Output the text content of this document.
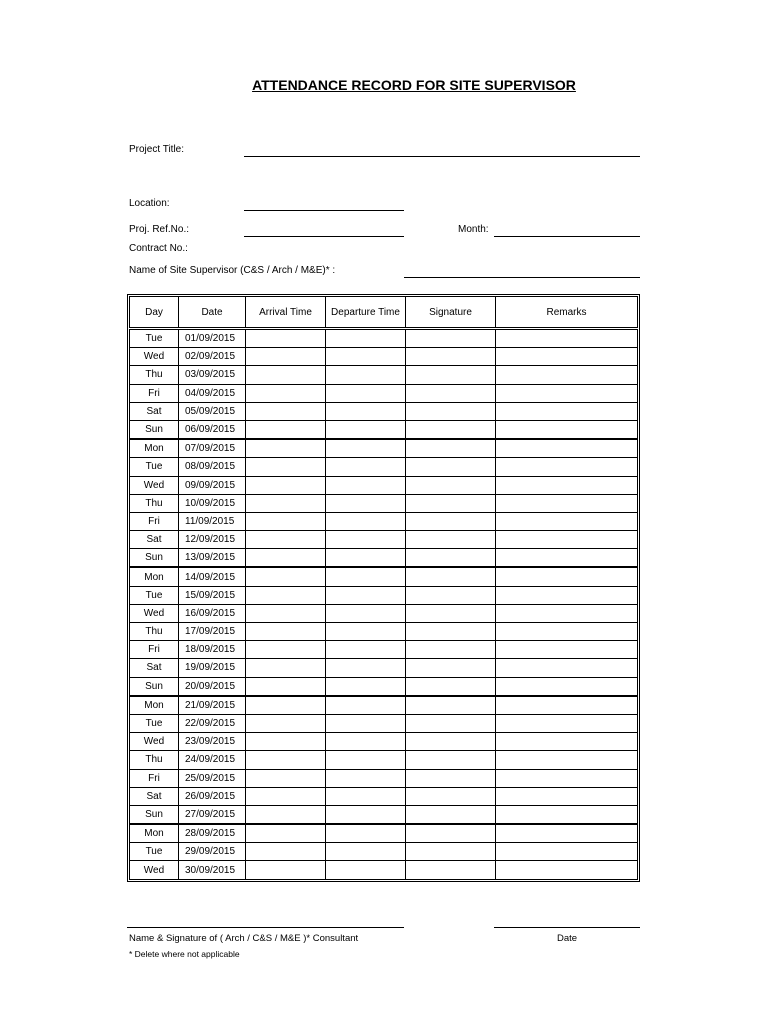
ATTENDANCE RECORD FOR SITE SUPERVISOR
Project Title:
Location:
Proj. Ref.No.:	Month:
Contract No.:
Name of Site Supervisor (C&S / Arch / M&E)* :
Day	Date	Arrival Time	Departure Time	Signature	Remarks
Tue	01/09/2015				
Wed	02/09/2015				
Thu	03/09/2015				
Fri	04/09/2015				
Sat	05/09/2015				
Sun	06/09/2015				
Mon	07/09/2015				
Tue	08/09/2015				
Wed	09/09/2015				
Thu	10/09/2015				
Fri	11/09/2015				
Sat	12/09/2015				
Sun	13/09/2015				
Mon	14/09/2015				
Tue	15/09/2015				
Wed	16/09/2015				
Thu	17/09/2015				
Fri	18/09/2015				
Sat	19/09/2015				
Sun	20/09/2015				
Mon	21/09/2015				
Tue	22/09/2015				
Wed	23/09/2015				
Thu	24/09/2015				
Fri	25/09/2015				
Sat	26/09/2015				
Sun	27/09/2015				
Mon	28/09/2015				
Tue	29/09/2015				
Wed	30/09/2015				
Name & Signature of ( Arch / C&S / M&E )* Consultant	Date
* Delete where not applicable
